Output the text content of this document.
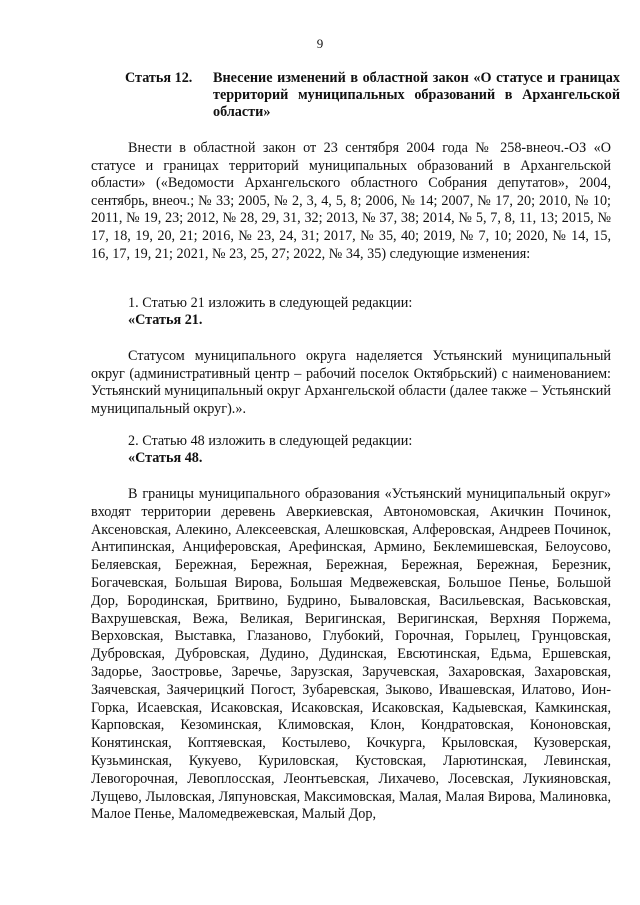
9
Статья 12. Внесение изменений в областной закон «О статусе и границах территорий муниципальных образований в Архангельской области»
Внести в областной закон от 23 сентября 2004 года № 258-внеоч.-ОЗ «О статусе и границах территорий муниципальных образований в Архангельской области» («Ведомости Архангельского областного Собрания депутатов», 2004, сентябрь, внеоч.; № 33; 2005, № 2, 3, 4, 5, 8; 2006, № 14; 2007, № 17, 20; 2010, № 10; 2011, № 19, 23; 2012, № 28, 29, 31, 32; 2013, № 37, 38; 2014, № 5, 7, 8, 11, 13; 2015, № 17, 18, 19, 20, 21; 2016, № 23, 24, 31; 2017, № 35, 40; 2019, № 7, 10; 2020, № 14, 15, 16, 17, 19, 21; 2021, № 23, 25, 27; 2022, № 34, 35) следующие изменения:
1. Статью 21 изложить в следующей редакции:
«Статья 21.
Статусом муниципального округа наделяется Устьянский муниципальный округ (административный центр – рабочий поселок Октябрьский) с наименованием: Устьянский муниципальный округ Архангельской области (далее также – Устьянский муниципальный округ).».
2. Статью 48 изложить в следующей редакции:
«Статья 48.
В границы муниципального образования «Устьянский муниципальный округ» входят территории деревень Аверкиевская, Автономовская, Акичкин Починок, Аксеновская, Алекино, Алексеевская, Алешковская, Алферовская, Андреев Починок, Антипинская, Анциферовская, Арефинская, Армино, Беклемишевская, Белоусово, Беляевская, Бережная, Бережная, Бережная, Бережная, Бережная, Березник, Богачевская, Большая Вирова, Большая Медвежевская, Большое Пенье, Большой Дор, Бородинская, Бритвино, Будрино, Бываловская, Васильевская, Васьковская, Вахрушевская, Вежа, Великая, Веригинская, Веригинская, Верхняя Поржема, Верховская, Выставка, Глазаново, Глубокий, Горочная, Горылец, Грунцовская, Дубровская, Дубровская, Дудино, Дудинская, Евсютинская, Едьма, Ершевская, Задорье, Заостровье, Заречье, Зарузская, Заручевская, Захаровская, Захаровская, Заячевская, Заячерицкий Погост, Зубаревская, Зыково, Ивашевская, Илатово, Ион-Горка, Исаевская, Исаковская, Исаковская, Исаковская, Кадыевская, Камкинская, Карповская, Кезоминская, Климовская, Клон, Кондратовская, Кононовская, Конятинская, Коптяевская, Костылево, Кочкурга, Крыловская, Кузоверская, Кузьминская, Кукуево, Куриловская, Кустовская, Ларютинская, Левинская, Левогорочная, Левоплосская, Леонтьевская, Лихачево, Лосевская, Лукияновская, Лущево, Лыловская, Ляпуновская, Максимовская, Малая, Малая Вирова, Малиновка, Малое Пенье, Маломедвежевская, Малый Дор,
